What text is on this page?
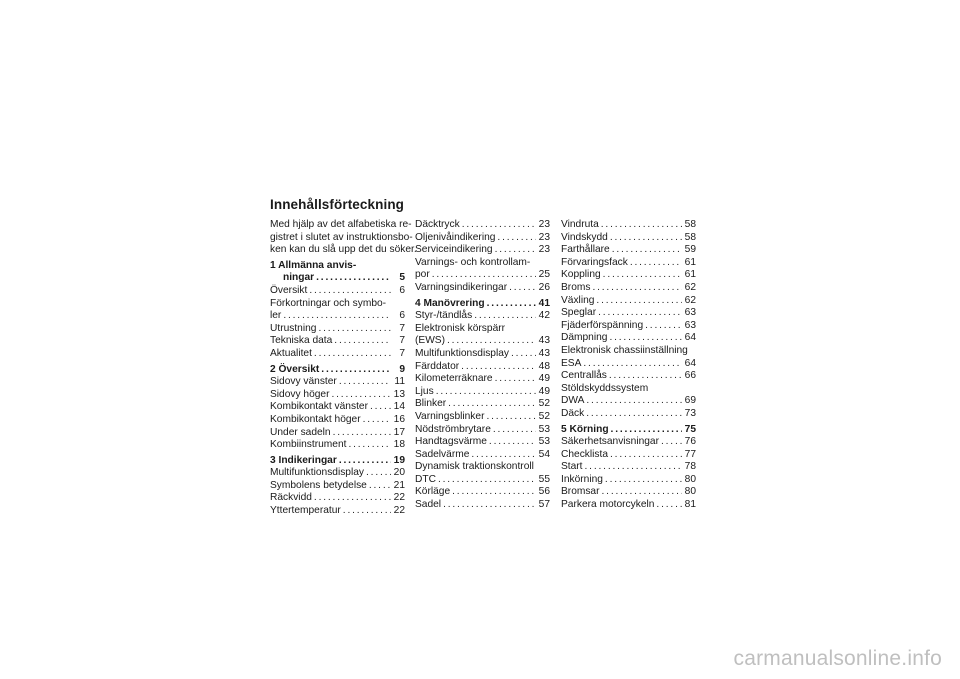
Innehållsförteckning
Med hjälp av det alfabetiska re-
gistret i slutet av instruktionsbo-
ken kan du slå upp det du söker.
1 Allmänna anvis-
ningar . . .	5
Översikt . . .	6
Förkortningar och symbo-
ler . . .	6
Utrustning . . .	7
Tekniska data . . .	7
Aktualitet . . .	7
2 Översikt . . .	9
Sidovy vänster . . .	11
Sidovy höger . . .	13
Kombikontakt vänster . . .	14
Kombikontakt höger . . .	16
Under sadeln . . .	17
Kombiinstrument . . .	18
3 Indikeringar . . .	19
Multifunktionsdisplay . . .	20
Symbolens betydelse . . .	21
Räckvidd . . .	22
Yttertemperatur . . .	22
Däcktryck . . .	23
Oljenivåindikering . . .	23
Serviceindikering . . .	23
Varnings- och kontrollam-
por . . .	25
Varningsindikeringar . . .	26
4 Manövrering . . .	41
Styr-/tändlås . . .	42
Elektronisk körspärr
(EWS) . . .	43
Multifunktionsdisplay . . .	43
Färddator . . .	48
Kilometerräknare . . .	49
Ljus . . .	49
Blinker . . .	52
Varningsblinker . . .	52
Nödströmbrytare . . .	53
Handtagsvärme . . .	53
Sadelvärme . . .	54
Dynamisk traktionskontroll
DTC . . .	55
Körläge . . .	56
Sadel . . .	57
Vindruta . . .	58
Vindskydd . . .	58
Farthållare . . .	59
Förvaringsfack . . .	61
Koppling . . .	61
Broms . . .	62
Växling . . .	62
Speglar . . .	63
Fjäderförspänning . . .	63
Dämpning . . .	64
Elektronisk chassiinställning
ESA . . .	64
Centrallås . . .	66
Stöldskyddssystem
DWA . . .	69
Däck . . .	73
5 Körning . . .	75
Säkerhetsanvisningar . . .	76
Checklista . . .	77
Start . . .	78
Inkörning . . .	80
Bromsar . . .	80
Parkera motorcykeln . . .	81
carmanualsonline.info
